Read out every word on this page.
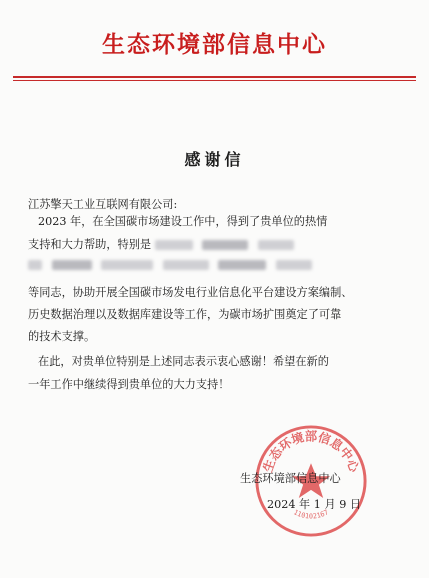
生态环境部信息中心
感谢信
江苏擎天工业互联网有限公司:
2023 年，在全国碳市场建设工作中，得到了贵单位的热情
支持和大力帮助，特别是

等同志，协助开展全国碳市场发电行业信息化平台建设方案编制、
历史数据治理以及数据库建设等工作，为碳市场扩围奠定了可靠
的技术支撑。
在此，对贵单位特别是上述同志表示衷心感谢！希望在新的
一年工作中继续得到贵单位的大力支持！
生态环境部信息中心
110102167
生态环境部信息中心
2024 年 1 月 9 日
